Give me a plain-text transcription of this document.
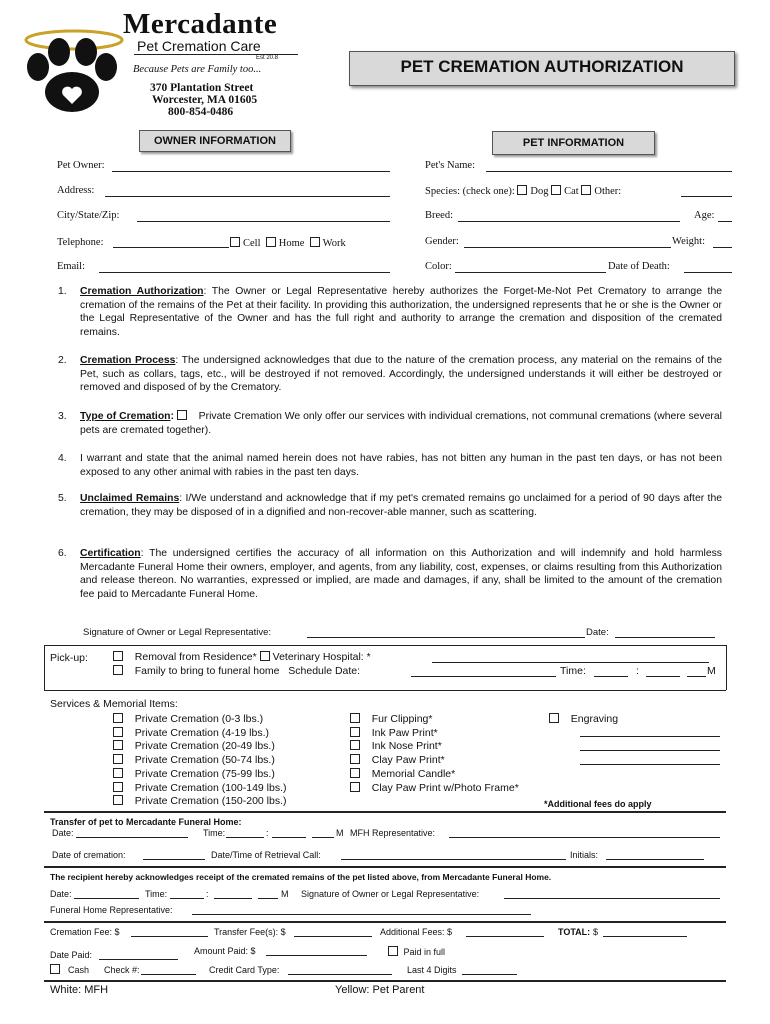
Mercadante
Pet Cremation Care
Est 20.8
Because Pets are Family too...
370 Plantation Street
Worcester, MA 01605
800-854-0486
PET CREMATION AUTHORIZATION
OWNER INFORMATION	PET INFORMATION
Pet Owner:
Address:
City/State/Zip:
Telephone:	Cell Home Work
Email:
Pet's Name:
Species: (check one): Dog Cat Other:
Breed:	Age:
Gender:	Weight:
Color:	Date of Death:
1. Cremation Authorization: The Owner or Legal Representative hereby authorizes the Forget-Me-Not Pet Crematory to arrange the cremation of the remains of the Pet at their facility. In providing this authorization, the undersigned represents that he or she is the Owner or the Legal Representative of the Owner and has the full right and authority to arrange the cremation and disposition of the cremated remains.
2. Cremation Process: The undersigned acknowledges that due to the nature of the cremation process, any material on the remains of the Pet, such as collars, tags, etc., will be destroyed if not removed. Accordingly, the undersigned understands it will either be destroyed or removed and disposed of by the Crematory.
3. Type of Cremation: Private Cremation We only offer our services with individual cremations, not communal cremations (where several pets are cremated together).
4. I warrant and state that the animal named herein does not have rabies, has not bitten any human in the past ten days, or has not been exposed to any other animal with rabies in the past ten days.
5. Unclaimed Remains: I/We understand and acknowledge that if my pet's cremated remains go unclaimed for a period of 90 days after the cremation, they may be disposed of in a dignified and non-recover-able manner, such as scattering.
6. Certification: The undersigned certifies the accuracy of all information on this Authorization and will indemnify and hold harmless Mercadante Funeral Home their owners, employer, and agents, from any liability, cost, expenses, or claims resulting from this Authorization and release thereon. No warranties, expressed or implied, are made and damages, if any, shall be limited to the amount of the cremation fee paid to Mercadante Funeral Home.
Signature of Owner or Legal Representative:	Date:
Pick-up:	Removal from Residence* Veterinary Hospital: *
Family to bring to funeral home Schedule Date:	Time:	:	M
Services & Memorial Items:
Private Cremation (0-3 lbs.)
Private Cremation (4-19 lbs.)
Private Cremation (20-49 lbs.)
Private Cremation (50-74 lbs.)
Private Cremation (75-99 lbs.)
Private Cremation (100-149 lbs.)
Private Cremation (150-200 lbs.)
Fur Clipping*
Ink Paw Print*
Ink Nose Print*
Clay Paw Print*
Memorial Candle*
Clay Paw Print w/Photo Frame*
Engraving
*Additional fees do apply
Transfer of pet to Mercadante Funeral Home:
Date:	Time:	:	M MFH Representative:
Date of cremation:	Date/Time of Retrieval Call:	Initials:
The recipient hereby acknowledges receipt of the cremated remains of the pet listed above, from Mercadante Funeral Home.
Date:	Time:	:	M Signature of Owner or Legal Representative:
Funeral Home Representative:
Cremation Fee: $	Transfer Fee(s): $	Additional Fees: $	TOTAL: $
Amount Paid: $
Date Paid:	Paid in full
Cash Check #:	Credit Card Type:	Last 4 Digits
White: MFH	Yellow: Pet Parent
